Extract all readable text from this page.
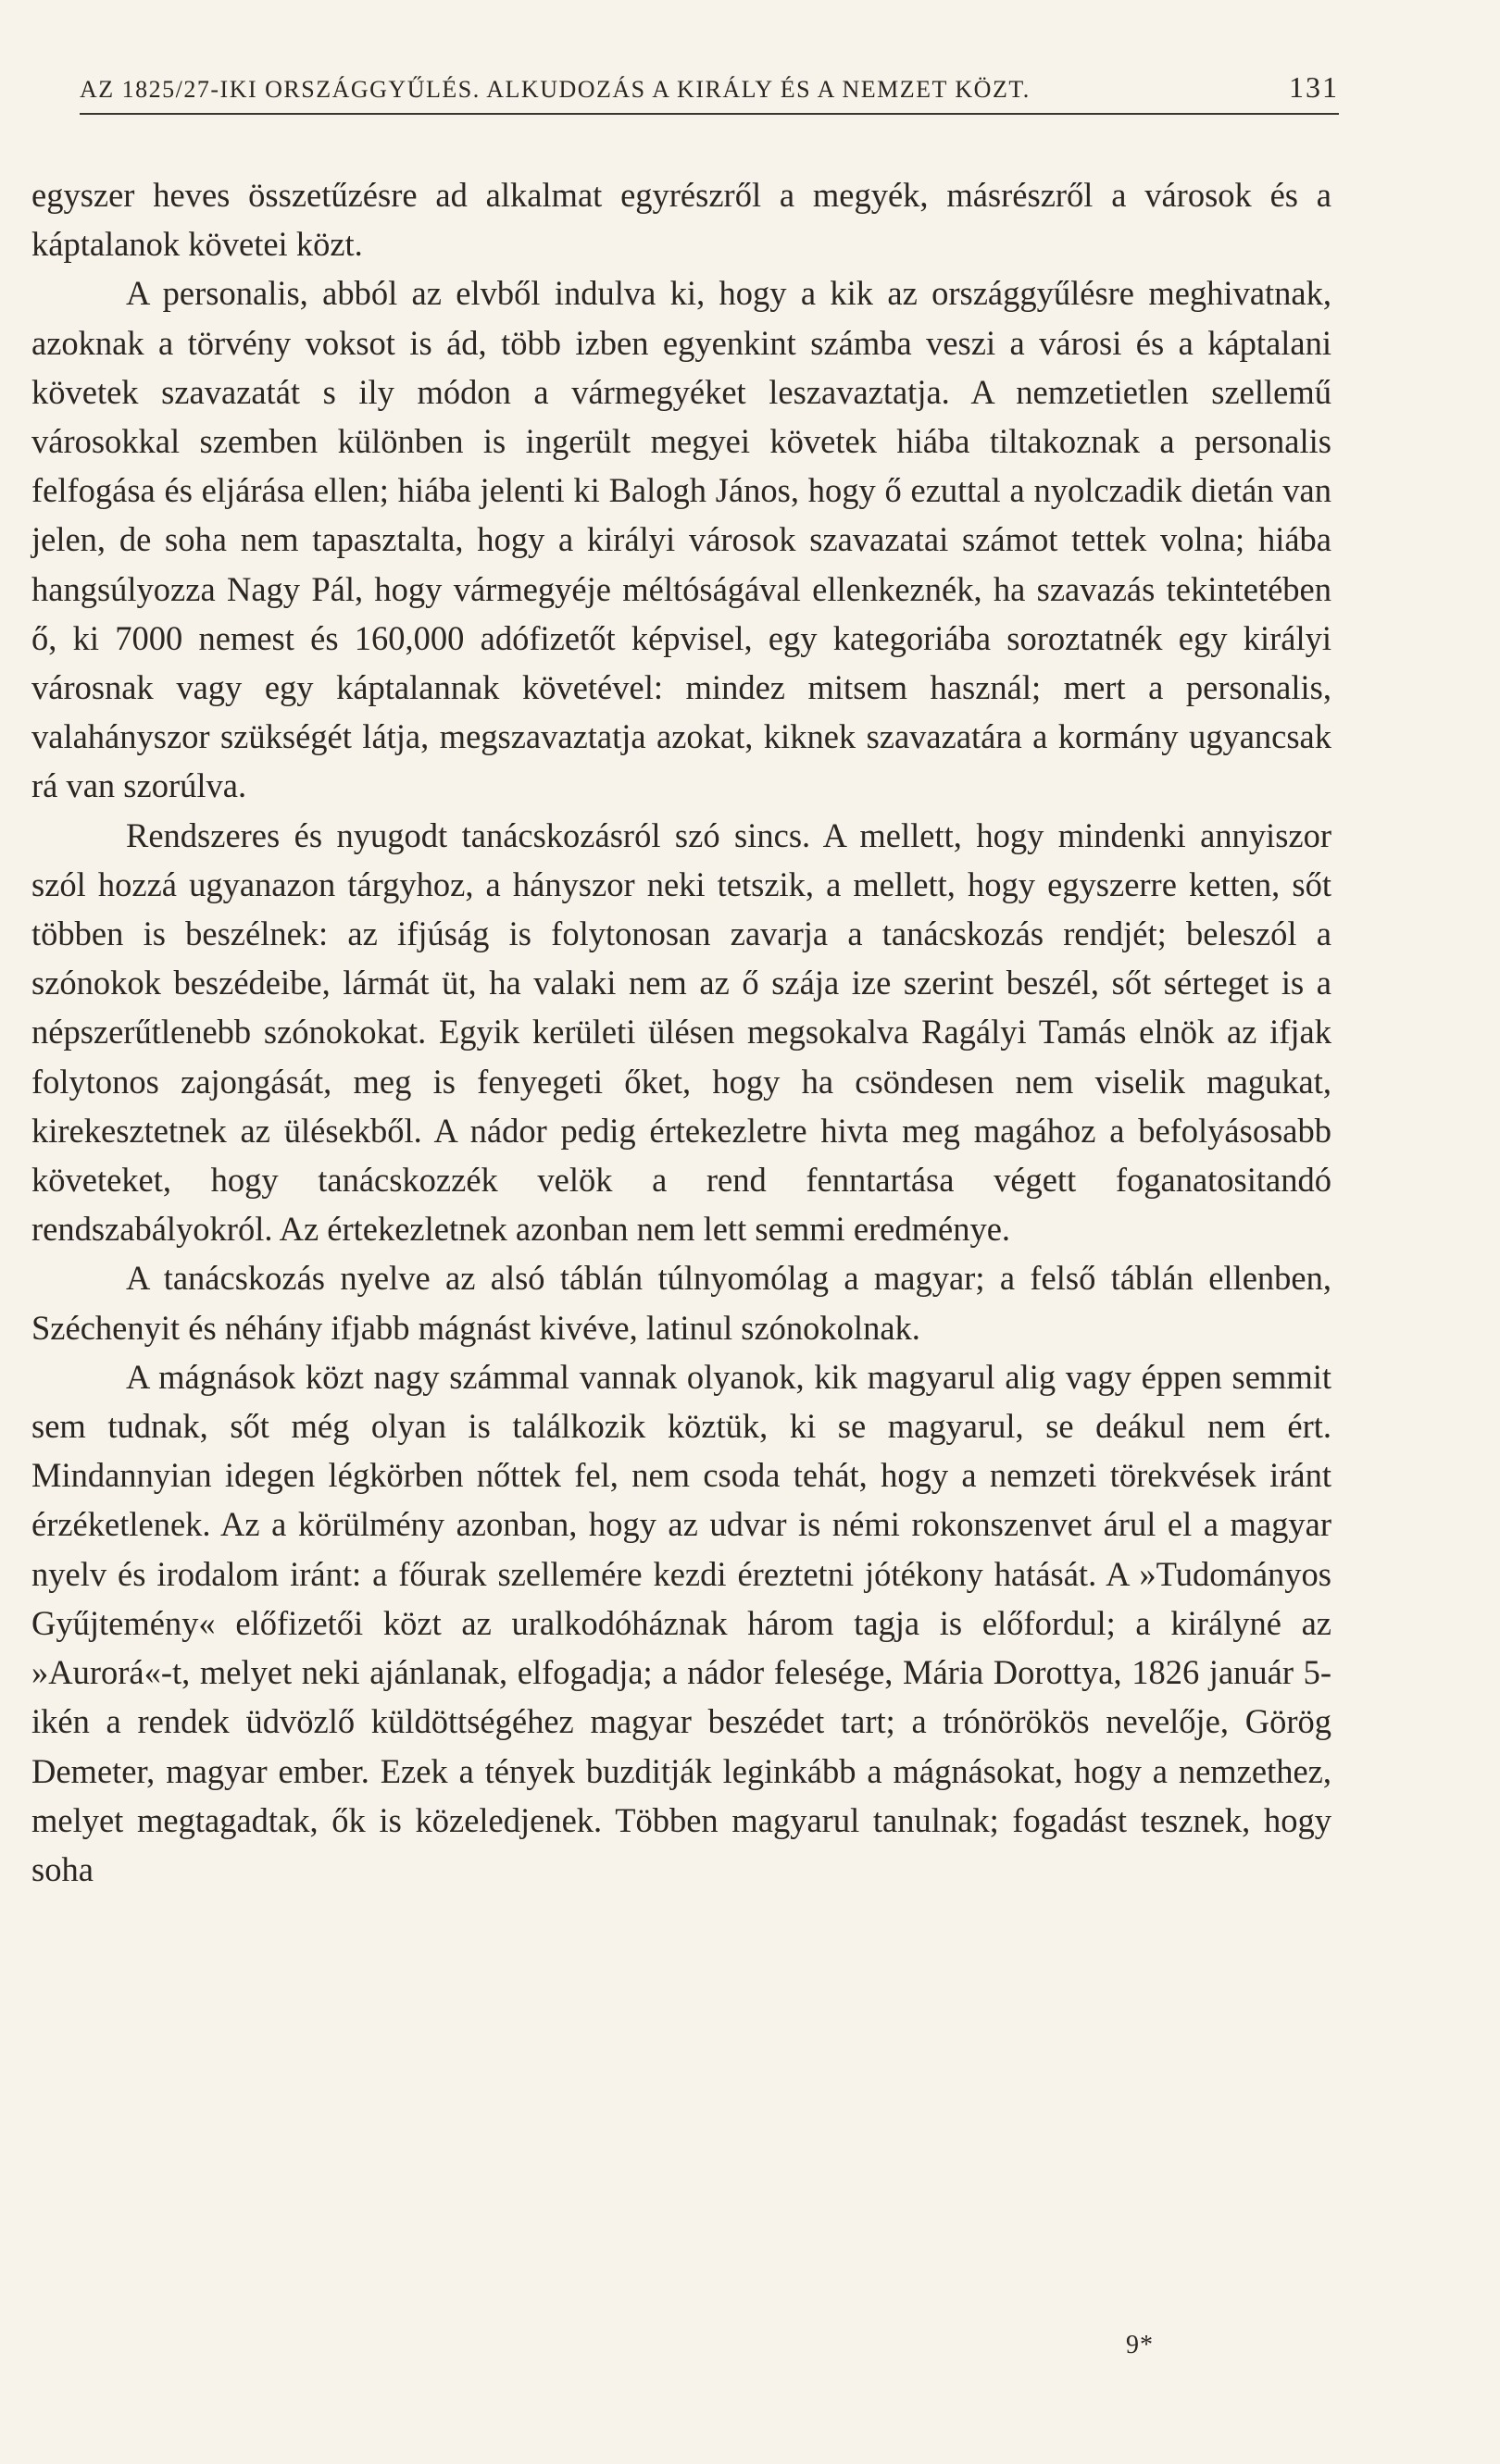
AZ 1825/27-IKI ORSZÁGGYŰLÉS. ALKUDOZÁS A KIRÁLY ÉS A NEMZET KÖZT.	131

egyszer heves összetűzésre ad alkalmat egyrészről a megyék, másrészről a városok és a káptalanok követei közt.

A personalis, abból az elvből indulva ki, hogy a kik az országgyűlésre meghivatnak, azoknak a törvény voksot is ád, több izben egyenkint számba veszi a városi és a káptalani követek szavazatát s ily módon a vármegyéket leszavaztatja. A nemzetietlen szellemű városokkal szemben különben is ingerült megyei követek hiába tiltakoznak a personalis felfogása és eljárása ellen; hiába jelenti ki Balogh János, hogy ő ezuttal a nyolczadik dietán van jelen, de soha nem tapasztalta, hogy a királyi városok szavazatai számot tettek volna; hiába hangsúlyozza Nagy Pál, hogy vármegyéje méltóságával ellenkeznék, ha szavazás tekintetében ő, ki 7000 nemest és 160,000 adófizetőt képvisel, egy kategoriába soroztatnék egy királyi városnak vagy egy káptalannak követével: mindez mitsem használ; mert a personalis, valahányszor szükségét látja, megszavaztatja azokat, kiknek szavazatára a kormány ugyancsak rá van szorúlva.

Rendszeres és nyugodt tanácskozásról szó sincs. A mellett, hogy mindenki annyiszor szól hozzá ugyanazon tárgyhoz, a hányszor neki tetszik, a mellett, hogy egyszerre ketten, sőt többen is beszélnek: az ifjúság is folytonosan zavarja a tanácskozás rendjét; beleszól a szónokok beszédeibe, lármát üt, ha valaki nem az ő szája ize szerint beszél, sőt sérteget is a népszerűtlenebb szónokokat. Egyik kerületi ülésen megsokalva Ragályi Tamás elnök az ifjak folytonos zajongását, meg is fenyegeti őket, hogy ha csöndesen nem viselik magukat, kirekesztetnek az ülésekből. A nádor pedig értekezletre hivta meg magához a befolyásosabb követeket, hogy tanácskozzék velök a rend fenntartása végett foganatositandó rendszabályokról. Az értekezletnek azonban nem lett semmi eredménye.

A tanácskozás nyelve az alsó táblán túlnyomólag a magyar; a felső táblán ellenben, Széchenyit és néhány ifjabb mágnást kivéve, latinul szónokolnak.

A mágnások közt nagy számmal vannak olyanok, kik magyarul alig vagy éppen semmit sem tudnak, sőt még olyan is találkozik köztük, ki se magyarul, se deákul nem ért. Mindannyian idegen légkörben nőttek fel, nem csoda tehát, hogy a nemzeti törekvések iránt érzéketlenek. Az a körülmény azonban, hogy az udvar is némi rokonszenvet árul el a magyar nyelv és irodalom iránt: a főurak szellemére kezdi éreztetni jótékony hatását. A »Tudományos Gyűjtemény« előfizetői közt az uralkodóháznak három tagja is előfordul; a királyné az »Aurorá«-t, melyet neki ajánlanak, elfogadja; a nádor felesége, Mária Dorottya, 1826 január 5-ikén a rendek üdvözlő küldöttségéhez magyar beszédet tart; a trónörökös nevelője, Görög Demeter, magyar ember. Ezek a tények buzditják leginkább a mágnásokat, hogy a nemzethez, melyet megtagadtak, ők is közeledjenek. Többen magyarul tanulnak; fogadást tesznek, hogy soha

9*
